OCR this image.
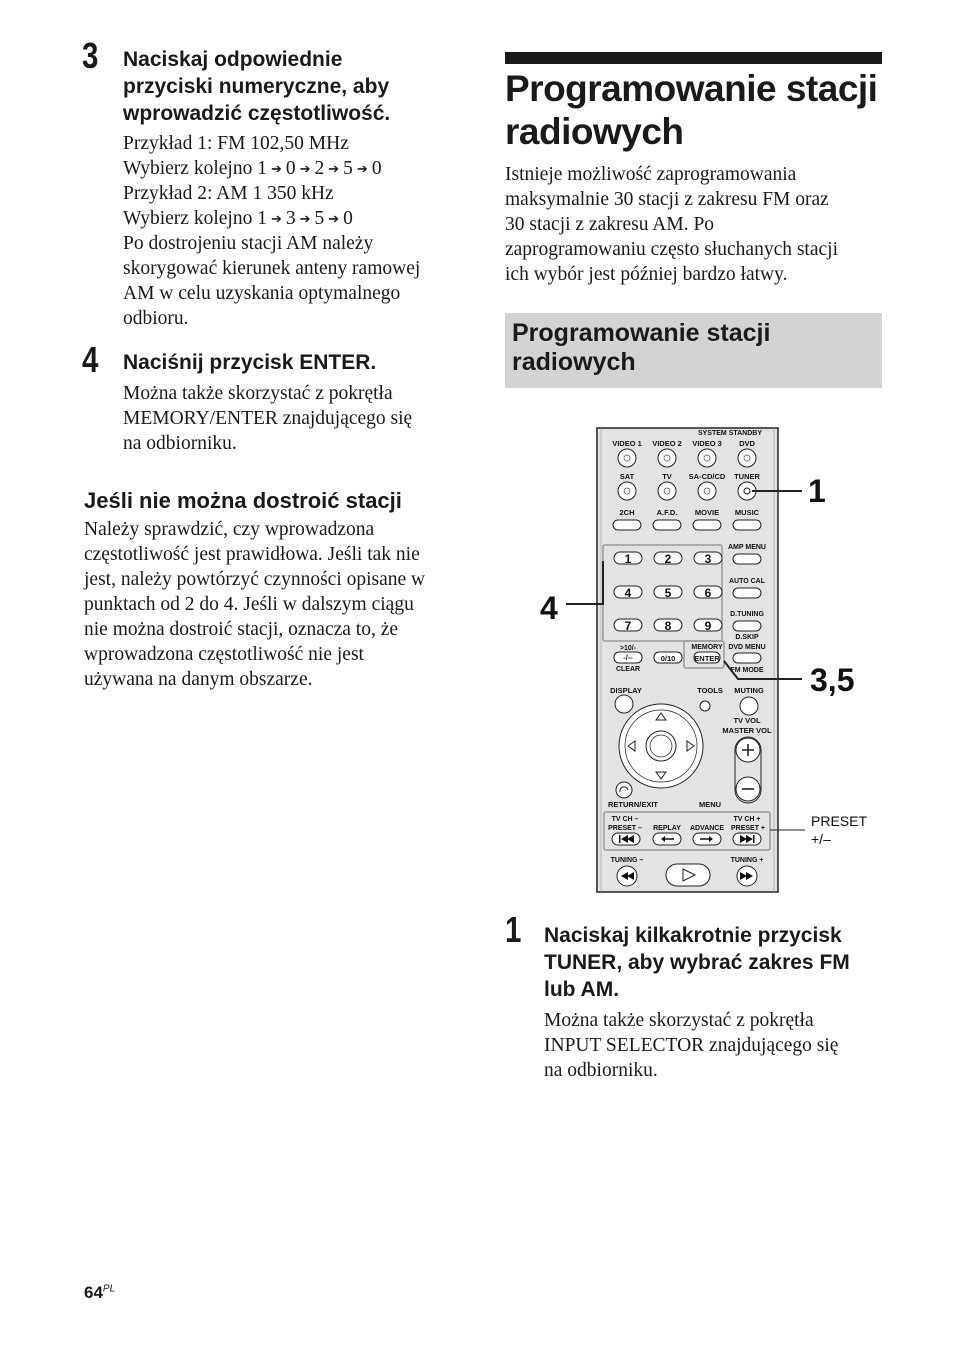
3 Naciskaj odpowiednie
przyciski numeryczne, aby
wprowadzić częstotliwość.
Przykład 1: FM 102,50 MHz
Wybierz kolejno 1 ➔ 0 ➔ 2 ➔ 5 ➔ 0
Przykład 2: AM 1 350 kHz
Wybierz kolejno 1 ➔ 3 ➔ 5 ➔ 0
Po dostrojeniu stacji AM należy
skorygować kierunek anteny ramowej
AM w celu uzyskania optymalnego
odbioru.
4 Naciśnij przycisk ENTER.
Można także skorzystać z pokrętła
MEMORY/ENTER znajdującego się
na odbiorniku.
Jeśli nie można dostroić stacji
Należy sprawdzić, czy wprowadzona
częstotliwość jest prawidłowa. Jeśli tak nie
jest, należy powtórzyć czynności opisane w
punktach od 2 do 4. Jeśli w dalszym ciągu
nie można dostroić stacji, oznacza to, że
wprowadzona częstotliwość nie jest
używana na danym obszarze.
Programowanie stacji
radiowych
Istnieje możliwość zaprogramowania
maksymalnie 30 stacji z zakresu FM oraz
30 stacji z zakresu AM. Po
zaprogramowaniu często słuchanych stacji
ich wybór jest później bardzo łatwy.
Programowanie stacji
radiowych
SYSTEM STANDBY
VIDEO 1 VIDEO 2 VIDEO 3 DVD
SAT	TV SA-CD/CD TUNER
2CH	A.F.D. MOVIE MUSIC
1	2	3
4	5	6
7	8	9
AMP MENU
AUTO CAL
D.TUNING
D.SKIP
DVD MENU
FM MODE
>10/-	MEMORY
CLEAR
-/--	0/10	ENTER
DISPLAY	TOOLS MUTING
TV VOL
MASTER VOL
RETURN/EXIT	MENU
TV CH –
PRESET – REPLAY ADVANCE
TV CH +
PRESET +
TUNING –	TUNING +
1
4
3,5
PRESET
+/–
1 Naciskaj kilkakrotnie przycisk
TUNER, aby wybrać zakres FM
lub AM.
Można także skorzystać z pokrętła
INPUT SELECTOR znajdującego się
na odbiorniku.
$64^{PL}$
